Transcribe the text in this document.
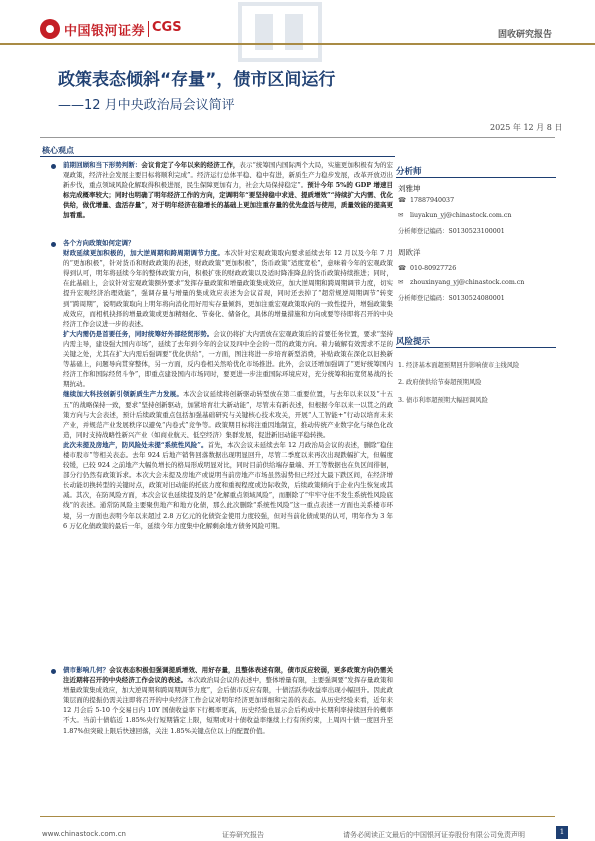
中国银河证券 CGS	固收研究报告
政策表态倾斜“存量”，债市区间运行
——12 月中央政治局会议简评
2025 年 12 月 8 日
核心观点

前期回顾和当下形势判断：会议肯定了今年以来的经济工作，表示“统筹国内国际两个大局，实施更加积极有为的宏观政策，经济社会发展主要目标将顺利完成”。经济运行总体平稳、稳中有进，新质生产力稳步发展，改革开放迈出新步伐，重点领域风险化解取得积极进展，民生保障更加有力，社会大局保持稳定”。预计今年 5%的 GDP 增速目标完成概率较大；同时也明确了明年经济工作的方向，定调明年“要坚持稳中求进、提质增效”“持续扩大内需、优化供给，做优增量、盘活存量”，对于明年经济在稳增长的基础上更加注重存量的优先盘活与使用，质量效能的提高更加看重。

各个方向政策如何定调？

财政延续更加积极的，加大逆周期和跨周期调节力度。本次针对宏观政策取向要求延续去年 12 月以及今年 7 月的“更加积极”，针对货币和财政政策的表述，财政政策“更加积极”，货币政策“适度宽松”，意味着今年的宏观政策得到认可，明年将延续今年的整体政策方向，积极扩张的财政政策以及适时降准降息的货币政策持续推进；同时，在此基础上，会议针对宏观政策额外要求“发挥存量政策和增量政策集成效应，加大逆周期和跨周期调节力度，切实提升宏观经济治理效能”，强调存量与增量的集成效应表述为会议首现，同时还去掉了“超常规逆周期调节”转变到“跨周期”，说明政策取向上明年将向消化用好用实存量倾斜，更加注重宏观政策取向的一致性提升，增强政策集成效应，而相机抉择的增量政策或更加精细化、节奏化、储备化，具体的增量措施和方向或要等待即将召开的中央经济工作会议进一步的表述。

扩大内需仍是首要任务，同时统筹好外部经贸形势。会议仍将扩大内需放在宏观政策后的首要任务位置，要求“坚持内需主导，建设强大国内市场”，延续了去年到今年的会议及四中全会的一贯的政策方向。着力破解有效需求不足的关键之处，尤其在扩大内需后强调要“优化供给”，一方面，图注将进一步培育新型消费，补贴政策在深化以旧换新等基础上，问题导向贯穿整体，另一方面，反内卷相关然哈优化市场推进。此外，会议还增加强调了“更好统筹国内经济工作和国际经贸斗争”，即重点建设国内市场同时，要更进一步注重国际环境应对，充分统筹和拓宽贸易战的长期抗动。

继续加大科技创新引领新质生产力发展。本次会议延续将创新驱动转型放在第二重要位置，与去年以来以及“十五五”的战略保持一致，要求“坚持创新驱动，加紧培育壮大新动能”，尽管未有新表述，但根据今年以来一以贯之的政策方向与大会表述，预计后续政策重点包括加强基础研究与关键核心技术攻关，开展“人工智能+”行动以培育未来产业，并规范产业发展秩序以避免“内卷式”竞争等。政策期目标将注重因地制宜，推动传统产业数字化与绿色化改造，同时支持战略性新兴产业（如商业航天、低空经济）集群发展，促进新旧动能平稳转换。

此次未提及房地产，防风险处未提“系统性风险”。首先，本次会议未延续去年 12 月政治局会议的表述，删除“稳住楼市股市”等相关表态。去年 924 后地产销售回落数据出现明显回升，尽管二季度以来再次出现跌幅扩大，但幅度较缓，已较 924 之前地产大幅负增长的格局形成明显对比，同时目前供给端存量端、开工等数据也在负区间徘徊，部分行仍然有政策诉求。本次大会未提及房地产或说明当前房地产市场虽然弱势但已经过大最下跌区间，在经济增长动能切换转型的关键时点，政策对旧动能的托底力度和重视程度或边际收敛，后续政策倾向于企业内生恢复或其减。其次，在防风险方面，本次会议也延续提及的是“化解重点领域风险”，而删除了“牢牢守住不发生系统性风险底线”的表述。通常防风险主要聚焦地产和地方化债，那么此次删除“系统性风险”这一重点表述一方面也关系楼市环境，另一方面也表明今年以来超过 2.8 万亿元的化债资金使用力度较强，但对当前化债成果的认可，明年作为 3 年 6 万亿化债政策的最后一年，延续今年力度集中化解剩余地方债务风险可期。

债市影响几何？会议表态积极但强调提质增效、用好存量，且整体表述有限，债市反应较弱，更多政策方向仍需关注近期将召开的中央经济工作会议的表述。本次政治局会议的表述中，整体增量有限，主要强调要“发挥存量政策和增量政策集成效应，加大逆周期和跨周期调节力度”，会后债市反应有限，十债活跃券收益率出现小幅回升。因此政策层面的提振仍需关注即将召开的中央经济工作会议对明年经济更加详细和完善的表态。从历史经验来看，近年来 12 月会后 5-10 个交易日内 10Y 国债收益率下行概率更高，历史经验也显示会后构成中长期利率持续回升的概率不大。当前十债临近 1.85%央行短期锚定上限，短期或对十债收益率继续上行有所约束，上周四十债一度回升至 1.87%但突破上限后快速回落，关注 1.85%关键点位以上的配置价值。

分析师
刘雅坤
☎ 17887940037
✉ liuyakun_yj@chinastock.com.cn
分析师登记编码：S0130523100001
周欧洋
☎ 010-80927726
✉ zhouxinyang_yj@chinastock.com.cn
分析师登记编码：S0130524080001
风险提示
1. 经济基本面超预期回升影响债市主线风险
2. 政府债供给节奏超预期风险
3. 债市利率超预期大幅回调风险
www.chinastock.com.cn	证券研究报告	请务必阅读正文最后的中国银河证券股份有限公司免责声明	1
